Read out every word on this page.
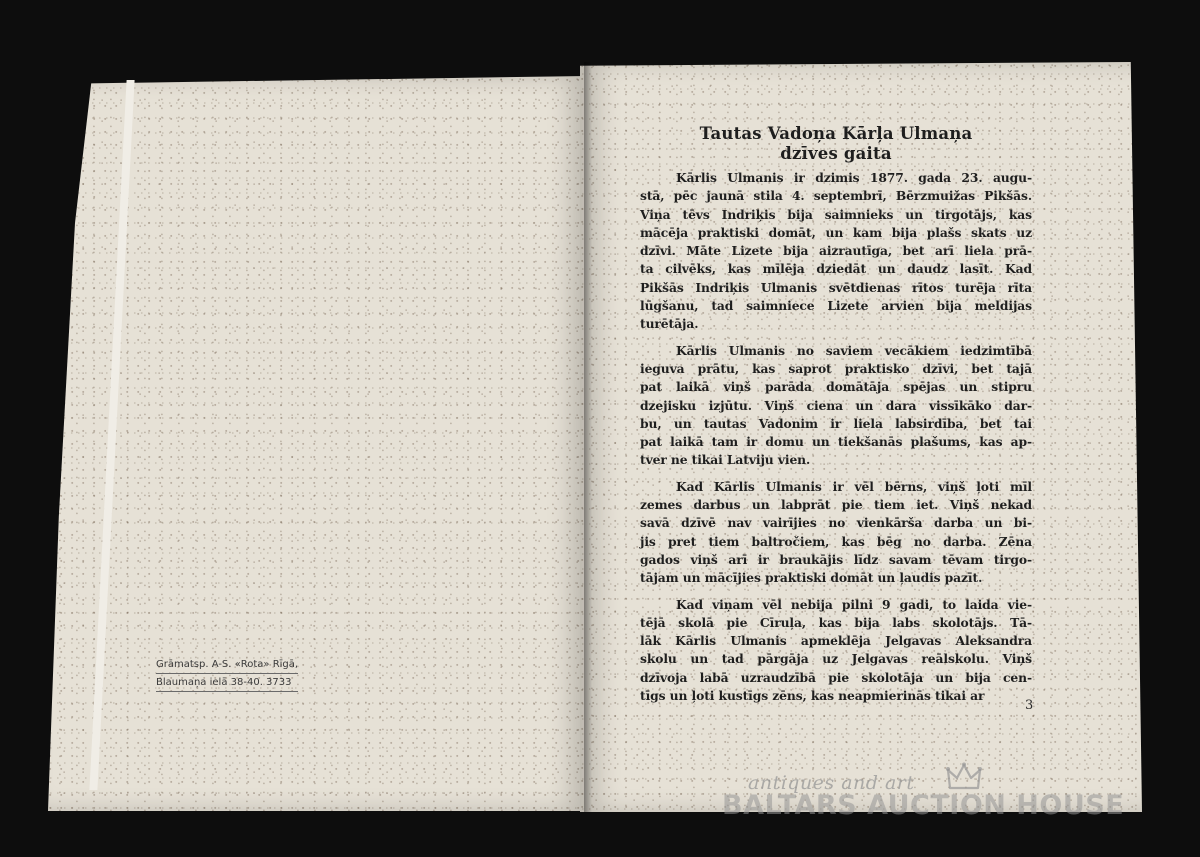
Grāmatsp. A-S. «Rota» Rīgā,
Blaumaņa ielā 38-40. 3733
Tautas Vadoņa Kārļa Ulmaņa
dzīves gaita
Kārlis Ulmanis ir dzimis 1877. gada 23. augu-
stā, pēc jaunā stila 4. septembrī, Bērzmuižas Pikšās.
Viņa tēvs Indriķis bija saimnieks un tirgotājs, kas
mācēja praktiski domāt, un kam bija plašs skats uz
dzīvi. Māte Lizete bija aizrautīga, bet arī liela prā-
ta cilvēks, kas mīlēja dziedāt un daudz lasīt. Kad
Pikšās Indriķis Ulmanis svētdienas rītos turēja rīta
lūgšanu, tad saimniece Lizete arvien bija meldijas
turētāja.
Kārlis Ulmanis no saviem vecākiem iedzimtībā
ieguva prātu, kas saprot praktisko dzīvi, bet tajā
pat laikā viņš parāda domātāja spējas un stipru
dzejisku izjūtu. Viņš ciena un dara vissīkāko dar-
bu, un tautas Vadonim ir liela labsirdība, bet tai
pat laikā tam ir domu un tiekšanās plašums, kas ap-
tver ne tikai Latviju vien.
Kad Kārlis Ulmanis ir vēl bērns, viņš ļoti mīl
zemes darbus un labprāt pie tiem iet. Viņš nekad
savā dzīvē nav vairījies no vienkārša darba un bi-
jis pret tiem baltročiem, kas bēg no darba. Zēna
gados viņš arī ir braukājis līdz savam tēvam tirgo-
tājam un mācījies praktiski domāt un ļaudis pazīt.
Kad viņam vēl nebija pilni 9 gadi, to laida vie-
tējā skolā pie Cīruļa, kas bija labs skolotājs. Tā-
lāk Kārlis Ulmanis apmeklēja Jelgavas Aleksandra
skolu un tad pārgāja uz Jelgavas reālskolu. Viņš
dzīvoja labā uzraudzībā pie skolotāja un bija cen-
tīgs un ļoti kustīgs zēns, kas neapmierinās tikai ar
3
antiques and art
BALTARS AUCTION HOUSE
